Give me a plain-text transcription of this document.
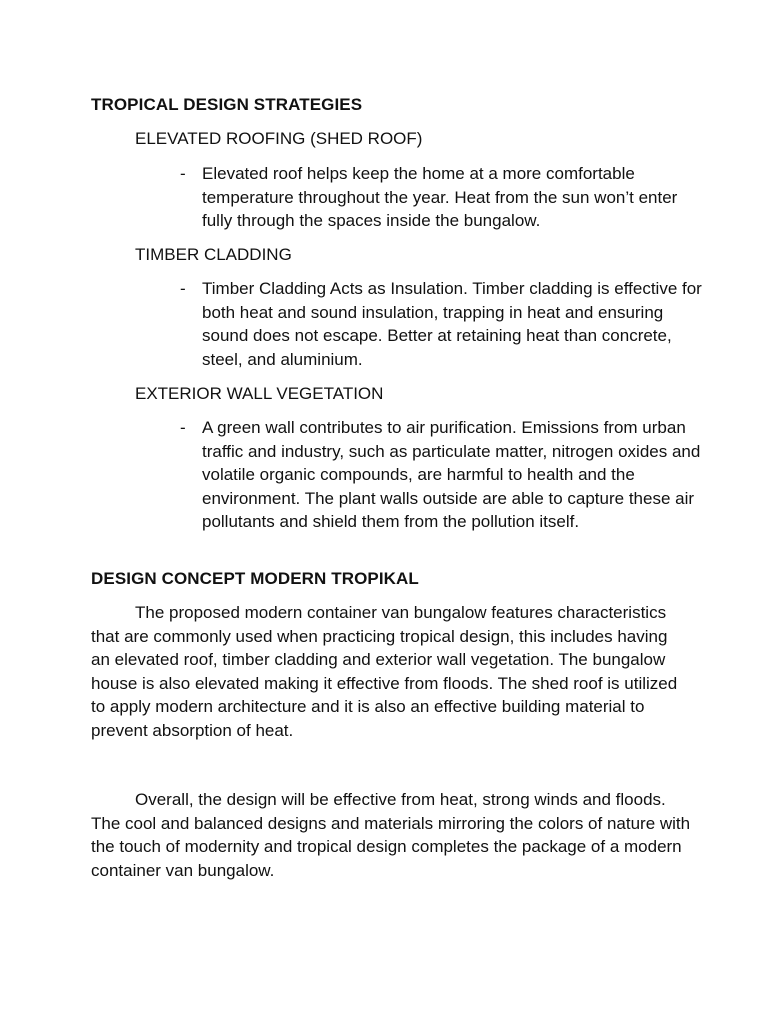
TROPICAL DESIGN STRATEGIES
ELEVATED ROOFING (SHED ROOF)
- Elevated roof helps keep the home at a more comfortable temperature throughout the year. Heat from the sun won’t enter fully through the spaces inside the bungalow.
TIMBER CLADDING
- Timber Cladding Acts as Insulation. Timber cladding is effective for both heat and sound insulation, trapping in heat and ensuring sound does not escape. Better at retaining heat than concrete, steel, and aluminium.
EXTERIOR WALL VEGETATION
- A green wall contributes to air purification. Emissions from urban traffic and industry, such as particulate matter, nitrogen oxides and volatile organic compounds, are harmful to health and the environment. The plant walls outside are able to capture these air pollutants and shield them from the pollution itself.
DESIGN CONCEPT MODERN TROPIKAL
The proposed modern container van bungalow features characteristics that are commonly used when practicing tropical design, this includes having an elevated roof, timber cladding and exterior wall vegetation. The bungalow house is also elevated making it effective from floods. The shed roof is utilized to apply modern architecture and it is also an effective building material to prevent absorption of heat.
Overall, the design will be effective from heat, strong winds and floods. The cool and balanced designs and materials mirroring the colors of nature with the touch of modernity and tropical design completes the package of a modern container van bungalow.
